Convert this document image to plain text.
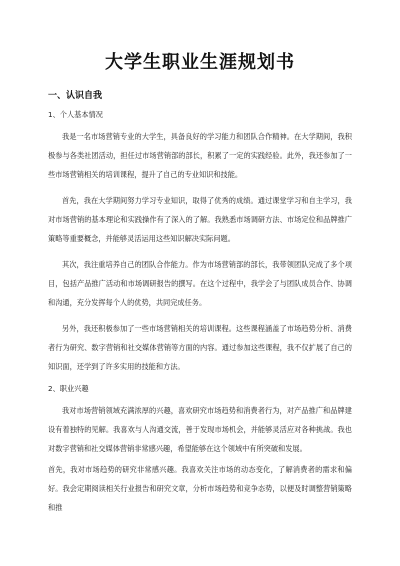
大学生职业生涯规划书
一、认识自我
1、个人基本情况

我是一名市场营销专业的大学生，具备良好的学习能力和团队合作精神。在大学期间，我积极参与各类社团活动，担任过市场营销部的部长，积累了一定的实践经验。此外，我还参加了一些市场营销相关的培训课程，提升了自己的专业知识和技能。

首先，我在大学期间努力学习专业知识，取得了优秀的成绩。通过课堂学习和自主学习，我对市场营销的基本理论和实践操作有了深入的了解。我熟悉市场调研方法、市场定位和品牌推广策略等重要概念，并能够灵活运用这些知识解决实际问题。

其次，我注重培养自己的团队合作能力。作为市场营销部的部长，我带领团队完成了多个项目，包括产品推广活动和市场调研报告的撰写。在这个过程中，我学会了与团队成员合作、协调和沟通，充分发挥每个人的优势，共同完成任务。

另外，我还积极参加了一些市场营销相关的培训课程。这些课程涵盖了市场趋势分析、消费者行为研究、数字营销和社交媒体营销等方面的内容。通过参加这些课程，我不仅扩展了自己的知识面，还学到了许多实用的技能和方法。

2、职业兴趣

我对市场营销领域充满浓厚的兴趣，喜欢研究市场趋势和消费者行为，对产品推广和品牌建设有着独特的见解。我喜欢与人沟通交流，善于发现市场机会，并能够灵活应对各种挑战。我也对数字营销和社交媒体营销非常感兴趣，希望能够在这个领域中有所突破和发展。

首先，我对市场趋势的研究非常感兴趣。我喜欢关注市场的动态变化，了解消费者的需求和偏好。我会定期阅读相关行业报告和研究文章，分析市场趋势和竞争态势，以便及时调整营销策略和推
